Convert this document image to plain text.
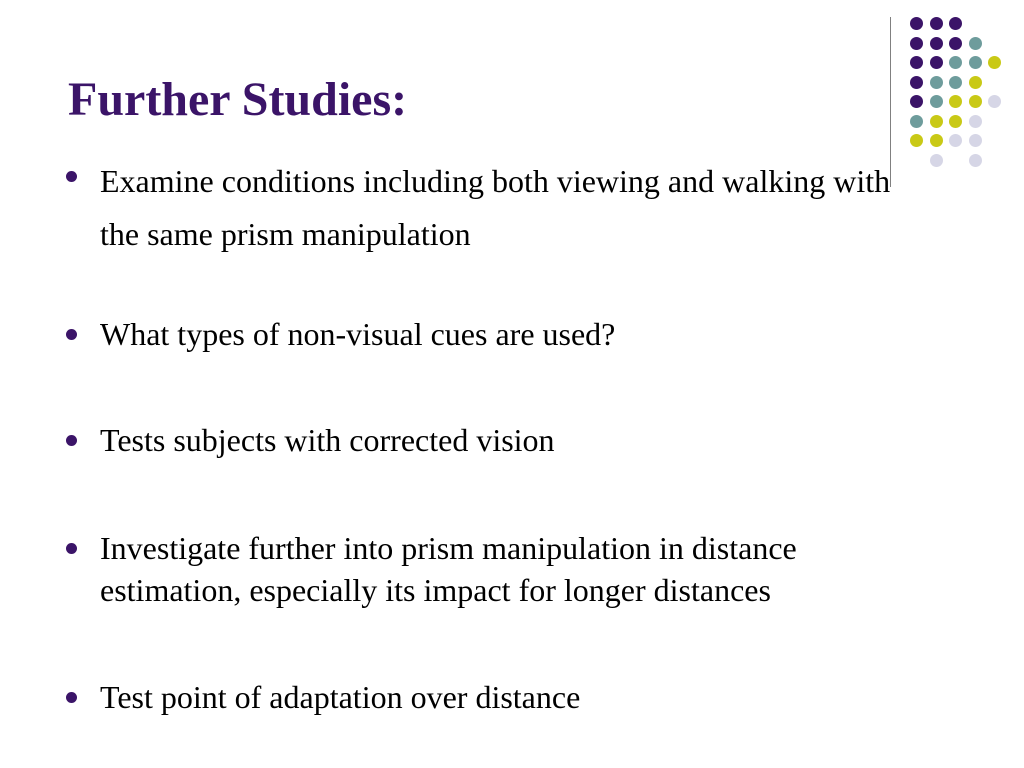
Further Studies:
Examine conditions including both viewing and walking with the same prism manipulation
What types of non-visual cues are used?
Tests subjects with corrected vision
Investigate further into prism manipulation in distance estimation, especially its impact for longer distances
Test point of adaptation over distance
